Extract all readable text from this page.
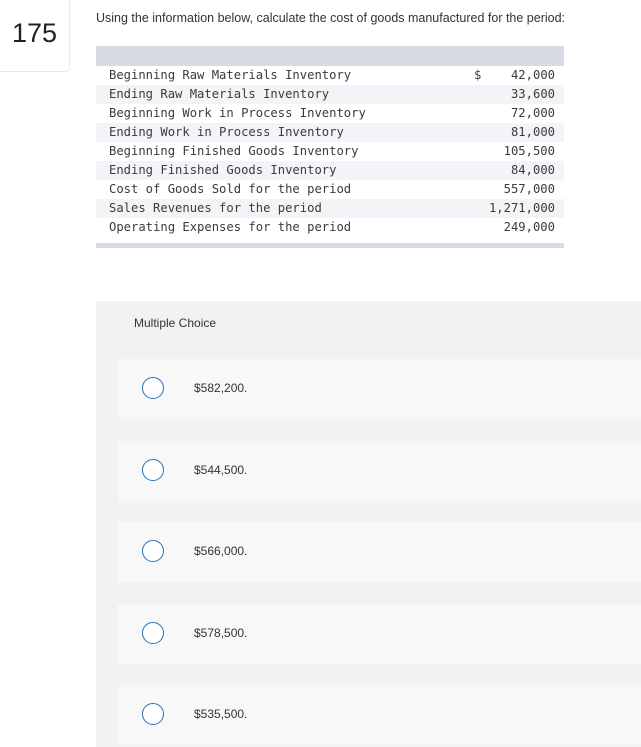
175	Using the information below, calculate the cost of goods manufactured for the period:
Beginning Raw Materials Inventory	$ 42,000
Ending Raw Materials Inventory	33,600
Beginning Work in Process Inventory	72,000
Ending Work in Process Inventory	81,000
Beginning Finished Goods Inventory	105,500
Ending Finished Goods Inventory	84,000
Cost of Goods Sold for the period	557,000
Sales Revenues for the period	1,271,000
Operating Expenses for the period	249,000
Multiple Choice
$582,200.
$544,500.
$566,000.
$578,500.
$535,500.
